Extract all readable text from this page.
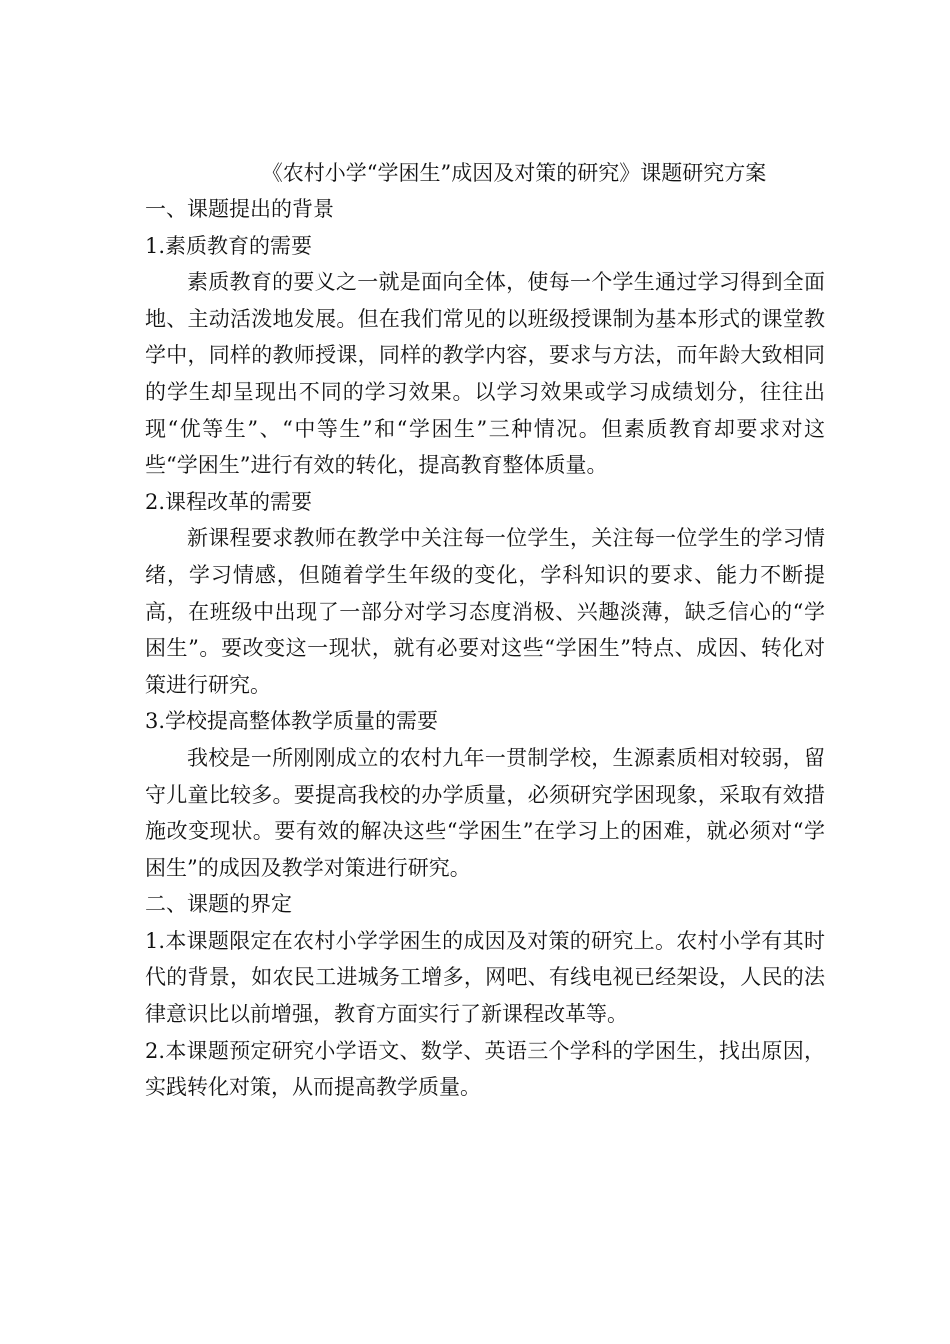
《农村小学“学困生”成因及对策的研究》课题研究方案

一、课题提出的背景

1.素质教育的需要

素质教育的要义之一就是面向全体，使每一个学生通过学习得到全面地、主动活泼地发展。但在我们常见的以班级授课制为基本形式的课堂教学中，同样的教师授课，同样的教学内容，要求与方法，而年龄大致相同的学生却呈现出不同的学习效果。以学习效果或学习成绩划分，往往出现“优等生”、“中等生”和“学困生”三种情况。但素质教育却要求对这些“学困生”进行有效的转化，提高教育整体质量。

2.课程改革的需要

新课程要求教师在教学中关注每一位学生，关注每一位学生的学习情绪，学习情感，但随着学生年级的变化，学科知识的要求、能力不断提高，在班级中出现了一部分对学习态度消极、兴趣淡薄，缺乏信心的“学困生”。要改变这一现状，就有必要对这些“学困生”特点、成因、转化对策进行研究。

3.学校提高整体教学质量的需要

我校是一所刚刚成立的农村九年一贯制学校，生源素质相对较弱，留守儿童比较多。要提高我校的办学质量，必须研究学困现象，采取有效措施改变现状。要有效的解决这些“学困生”在学习上的困难，就必须对“学困生”的成因及教学对策进行研究。

二、课题的界定

1.本课题限定在农村小学学困生的成因及对策的研究上。农村小学有其时代的背景，如农民工进城务工增多，网吧、有线电视已经架设，人民的法律意识比以前增强，教育方面实行了新课程改革等。

2.本课题预定研究小学语文、数学、英语三个学科的学困生，找出原因，实践转化对策，从而提高教学质量。
